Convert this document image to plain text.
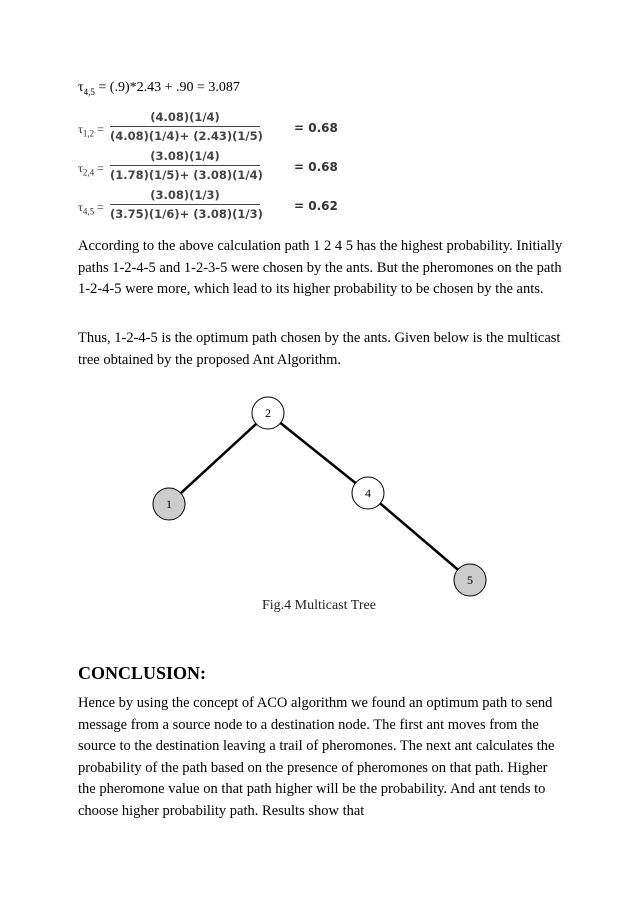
$\tau_{4,5} = (.9)*2.43 + .90 = 3.087$
$\tau_{1,2}$ =
(4.08)(1/4)
(4.08)(1/4)+ (2.43)(1/5)
= 0.68
$\tau_{2,4}$ =
(3.08)(1/4)
(1.78)(1/5)+ (3.08)(1/4)
= 0.68
$\tau_{4,5}$ =
(3.08)(1/3)
(3.75)(1/6)+ (3.08)(1/3)
= 0.62

According to the above calculation path 1 2 4 5 has the highest probability. Initially paths 1-2-4-5 and 1-2-3-5 were chosen by the ants. But the pheromones on the path 1-2-4-5 were more, which lead to its higher probability to be chosen by the ants.

Thus, 1-2-4-5 is the optimum path chosen by the ants. Given below is the multicast tree obtained by the proposed Ant Algorithm.

2
1
4
5
Fig.4 Multicast Tree
CONCLUSION:

Hence by using the concept of ACO algorithm we found an optimum path to send message from a source node to a destination node. The first ant moves from the source to the destination leaving a trail of pheromones. The next ant calculates the probability of the path based on the presence of pheromones on that path. Higher the pheromone value on that path higher will be the probability. And ant tends to choose higher probability path. Results show that
